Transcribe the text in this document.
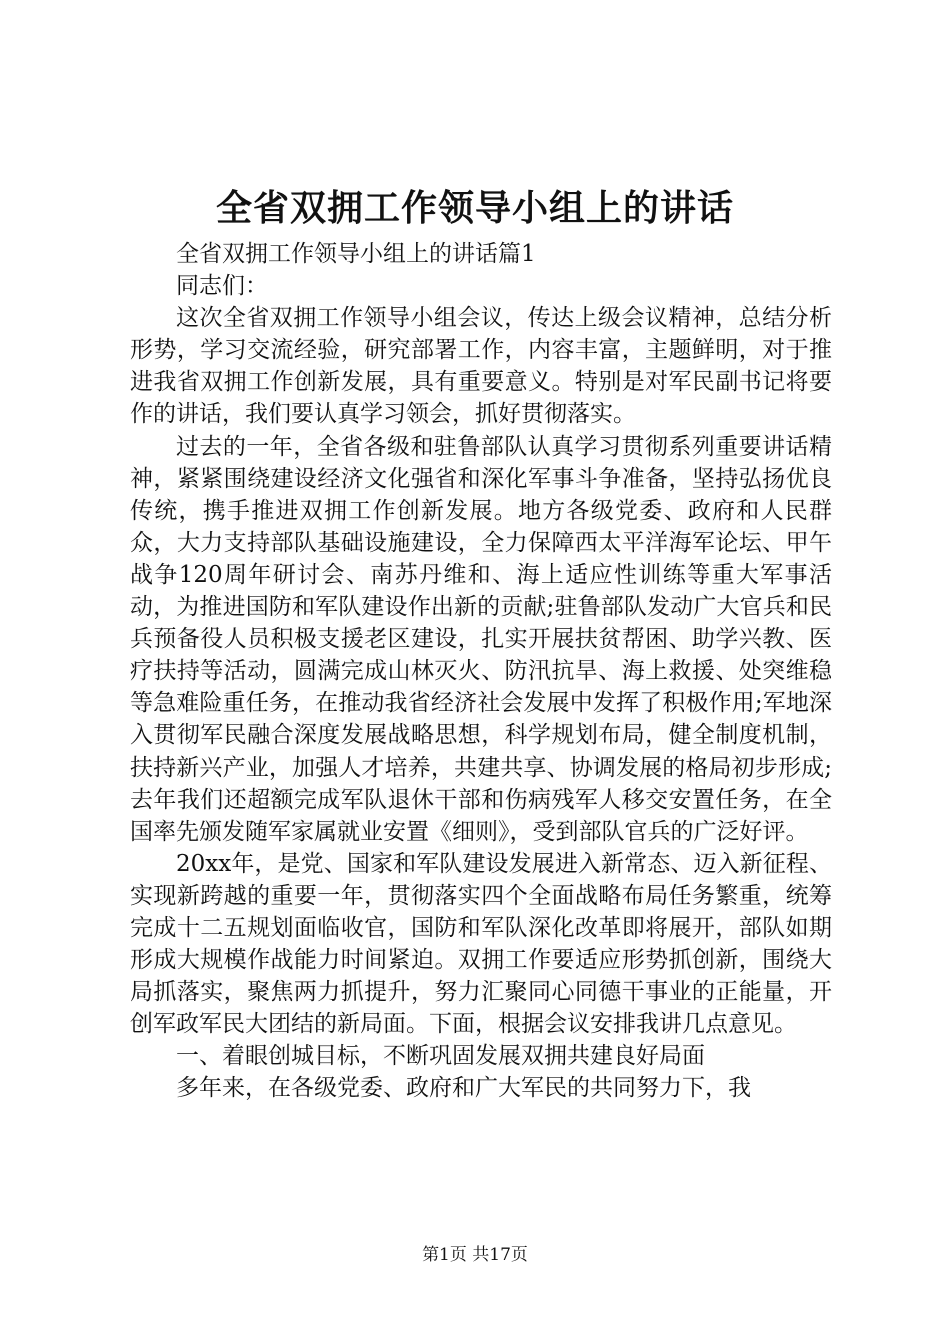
全省双拥工作领导小组上的讲话

全省双拥工作领导小组上的讲话篇1

同志们：

这次全省双拥工作领导小组会议，传达上级会议精神，总结分析形势，学习交流经验，研究部署工作，内容丰富，主题鲜明，对于推进我省双拥工作创新发展，具有重要意义。特别是对军民副书记将要作的讲话，我们要认真学习领会，抓好贯彻落实。

过去的一年，全省各级和驻鲁部队认真学习贯彻系列重要讲话精神，紧紧围绕建设经济文化强省和深化军事斗争准备，坚持弘扬优良传统，携手推进双拥工作创新发展。地方各级党委、政府和人民群众，大力支持部队基础设施建设，全力保障西太平洋海军论坛、甲午战争120周年研讨会、南苏丹维和、海上适应性训练等重大军事活动，为推进国防和军队建设作出新的贡献;驻鲁部队发动广大官兵和民兵预备役人员积极支援老区建设，扎实开展扶贫帮困、助学兴教、医疗扶持等活动，圆满完成山林灭火、防汛抗旱、海上救援、处突维稳等急难险重任务，在推动我省经济社会发展中发挥了积极作用;军地深入贯彻军民融合深度发展战略思想，科学规划布局，健全制度机制，扶持新兴产业，加强人才培养，共建共享、协调发展的格局初步形成;去年我们还超额完成军队退休干部和伤病残军人移交安置任务，在全国率先颁发随军家属就业安置《细则》，受到部队官兵的广泛好评。

20xx年，是党、国家和军队建设发展进入新常态、迈入新征程、实现新跨越的重要一年，贯彻落实四个全面战略布局任务繁重，统筹完成十二五规划面临收官，国防和军队深化改革即将展开，部队如期形成大规模作战能力时间紧迫。双拥工作要适应形势抓创新，围绕大局抓落实，聚焦两力抓提升，努力汇聚同心同德干事业的正能量，开创军政军民大团结的新局面。下面，根据会议安排我讲几点意见。

一、着眼创城目标，不断巩固发展双拥共建良好局面

多年来，在各级党委、政府和广大军民的共同努力下，我

第1页 共17页
